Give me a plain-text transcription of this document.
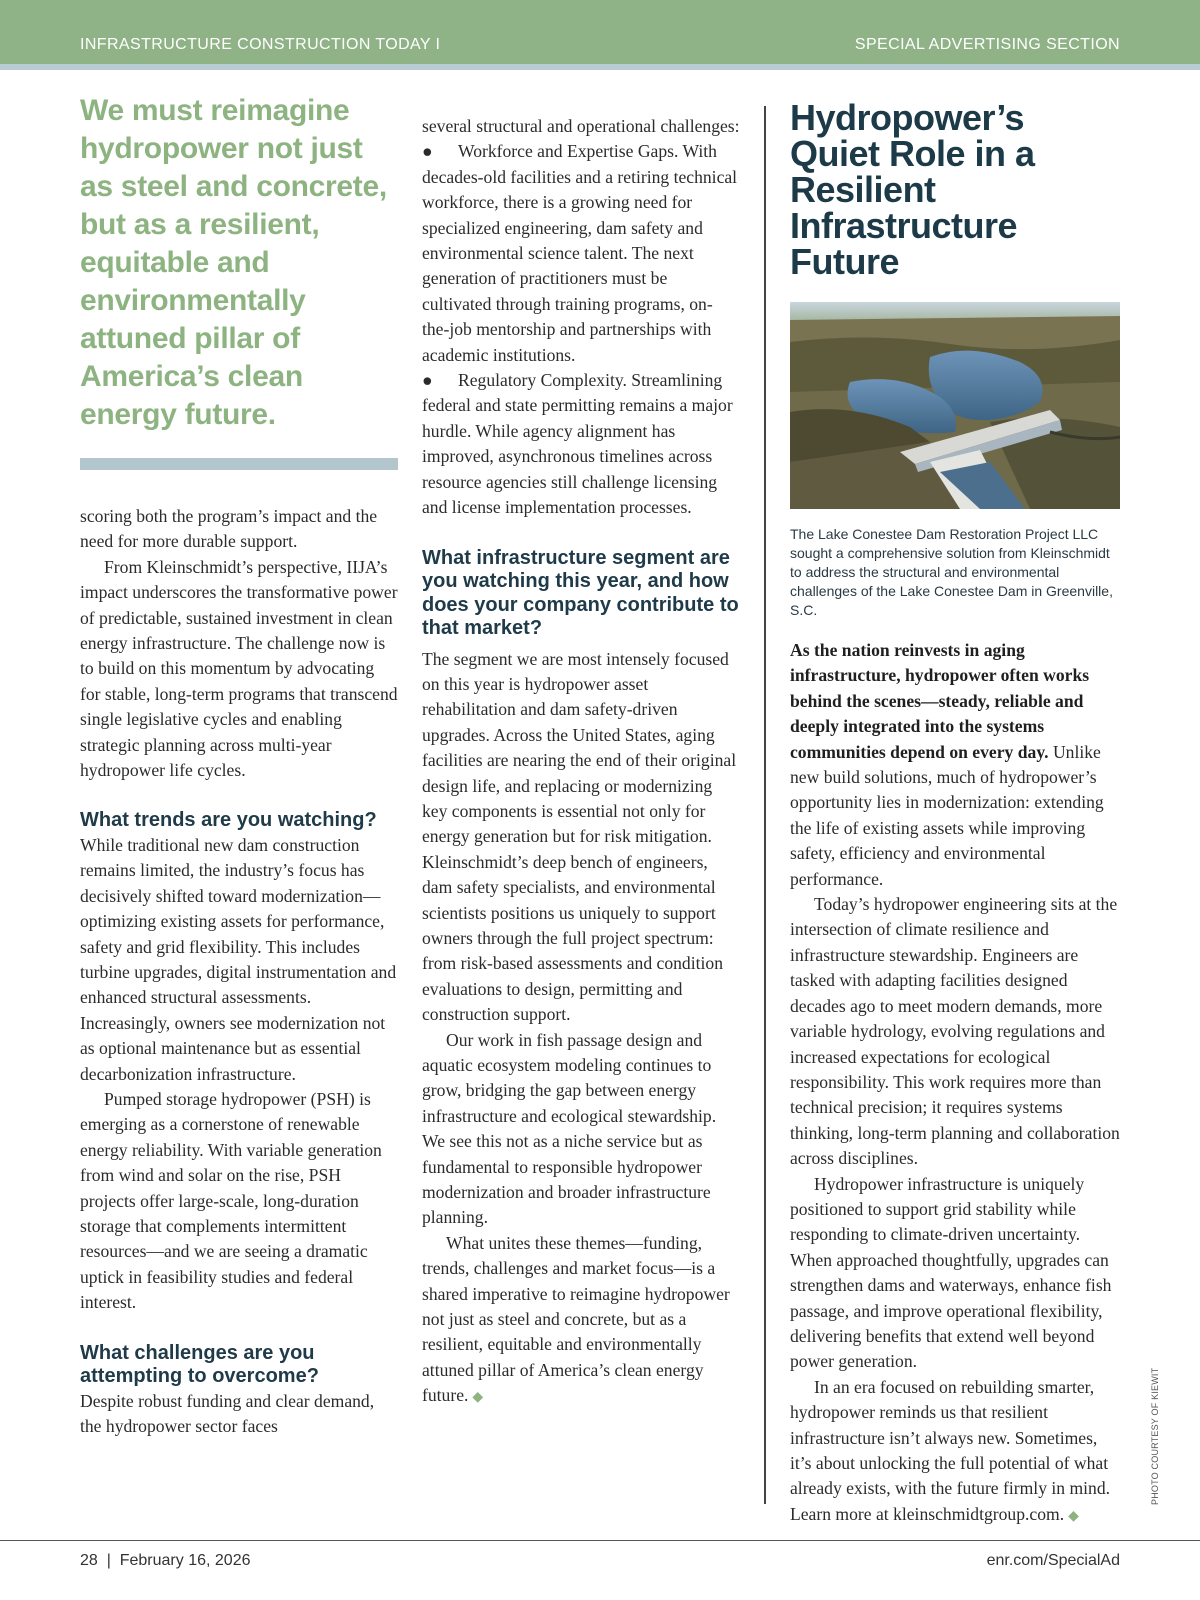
INFRASTRUCTURE CONSTRUCTION TODAY I	SPECIAL ADVERTISING SECTION
We must reimagine hydropower not just as steel and concrete, but as a resilient, equitable and environmentally attuned pillar of America’s clean energy future.

scoring both the program’s impact and the need for more durable support.

From Kleinschmidt’s perspective, IIJA’s impact underscores the transformative power of predictable, sustained investment in clean energy infrastructure. The challenge now is to build on this momentum by advocating for stable, long-term programs that transcend single legislative cycles and enabling strategic planning across multi-year hydropower life cycles.

What trends are you watching?

While traditional new dam construction remains limited, the industry’s focus has decisively shifted toward modernization—optimizing existing assets for performance, safety and grid flexibility. This includes turbine upgrades, digital instrumentation and enhanced structural assessments. Increasingly, owners see modernization not as optional maintenance but as essential decarbonization infrastructure.

Pumped storage hydropower (PSH) is emerging as a cornerstone of renewable energy reliability. With variable generation from wind and solar on the rise, PSH projects offer large-scale, long-duration storage that complements intermittent resources—and we are seeing a dramatic uptick in feasibility studies and federal interest.

What challenges are you attempting to overcome?

Despite robust funding and clear demand, the hydropower sector faces

several structural and operational challenges:

● Workforce and Expertise Gaps. With decades-old facilities and a retiring technical workforce, there is a growing need for specialized engineering, dam safety and environmental science talent. The next generation of practitioners must be cultivated through training programs, on-the-job mentorship and partnerships with academic institutions.

● Regulatory Complexity. Streamlining federal and state permitting remains a major hurdle. While agency alignment has improved, asynchronous timelines across resource agencies still challenge licensing and license implementation processes.

What infrastructure segment are you watching this year, and how does your company contribute to that market?

The segment we are most intensely focused on this year is hydropower asset rehabilitation and dam safety-driven upgrades. Across the United States, aging facilities are nearing the end of their original design life, and replacing or modernizing key components is essential not only for energy generation but for risk mitigation. Kleinschmidt’s deep bench of engineers, dam safety specialists, and environmental scientists positions us uniquely to support owners through the full project spectrum: from risk-based assessments and condition evaluations to design, permitting and construction support.

Our work in fish passage design and aquatic ecosystem modeling continues to grow, bridging the gap between energy infrastructure and ecological stewardship. We see this not as a niche service but as fundamental to responsible hydropower modernization and broader infrastructure planning.

What unites these themes—funding, trends, challenges and market focus—is a shared imperative to reimagine hydropower not just as steel and concrete, but as a resilient, equitable and environmentally attuned pillar of America’s clean energy future. ◆

Hydropower’s Quiet Role in a Resilient Infrastructure Future
The Lake Conestee Dam Restoration Project LLC sought a comprehensive solution from Kleinschmidt to address the structural and environmental challenges of the Lake Conestee Dam in Greenville, S.C.

As the nation reinvests in aging infrastructure, hydropower often works behind the scenes—steady, reliable and deeply integrated into the systems communities depend on every day. Unlike new build solutions, much of hydropower’s opportunity lies in modernization: extending the life of existing assets while improving safety, efficiency and environmental performance.

Today’s hydropower engineering sits at the intersection of climate resilience and infrastructure stewardship. Engineers are tasked with adapting facilities designed decades ago to meet modern demands, more variable hydrology, evolving regulations and increased expectations for ecological responsibility. This work requires more than technical precision; it requires systems thinking, long-term planning and collaboration across disciplines.

Hydropower infrastructure is uniquely positioned to support grid stability while responding to climate-driven uncertainty. When approached thoughtfully, upgrades can strengthen dams and waterways, enhance fish passage, and improve operational flexibility, delivering benefits that extend well beyond power generation.

In an era focused on rebuilding smarter, hydropower reminds us that resilient infrastructure isn’t always new. Sometimes, it’s about unlocking the full potential of what already exists, with the future firmly in mind.

Learn more at kleinschmidtgroup.com. ◆

PHOTO COURTESY OF KIEWIT
28  |  February 16, 2026	enr.com/SpecialAd
